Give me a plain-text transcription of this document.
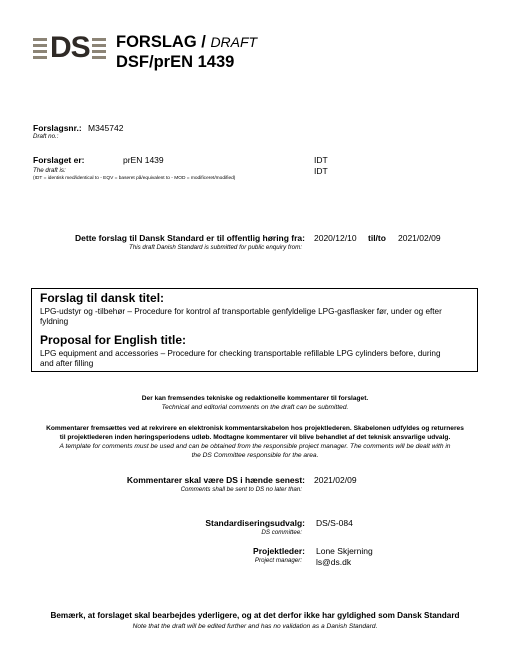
DS FORSLAG / DRAFT
DSF/prEN 1439
Forslagsnr.: M345742
Draft no.:
Forslaget er:	prEN 1439	IDT
The draft is:	IDT
(IDT = identisk med/identical to - EQV = baseret på/equivalent to - MOD = modificeret/modified)
Dette forslag til Dansk Standard er til offentlig høring fra:
This draft Danish Standard is submitted for public enquiry from:
2020/12/10 til/to 2021/02/09
Forslag til dansk titel:
LPG-udstyr og -tilbehør – Procedure for kontrol af transportable genfyldelige LPG-gasflasker før, under og efter
fyldning
Proposal for English title:
LPG equipment and accessories – Procedure for checking transportable refillable LPG cylinders before, during
and after filling
Der kan fremsendes tekniske og redaktionelle kommentarer til forslaget.
Technical and editorial comments on the draft can be submitted.
Kommentarer fremsættes ved at rekvirere en elektronisk kommentarskabelon hos projektlederen. Skabelonen udfyldes og returneres
til projektlederen inden høringsperiodens udløb. Modtagne kommentarer vil blive behandlet af det teknisk ansvarlige udvalg.
A template for comments must be used and can be obtained from the responsible project manager. The comments will be dealt with in
the DS Committee responsible for the area.
Kommentarer skal være DS i hænde senest:
Comments shall be sent to DS no later than:
2021/02/09
Standardiseringsudvalg:
DS committee:
DS/S-084
Projektleder:
Project manager:
Lone Skjerning
ls@ds.dk
Bemærk, at forslaget skal bearbejdes yderligere, og at det derfor ikke har gyldighed som Dansk Standard
Note that the draft will be edited further and has no validation as a Danish Standard.
